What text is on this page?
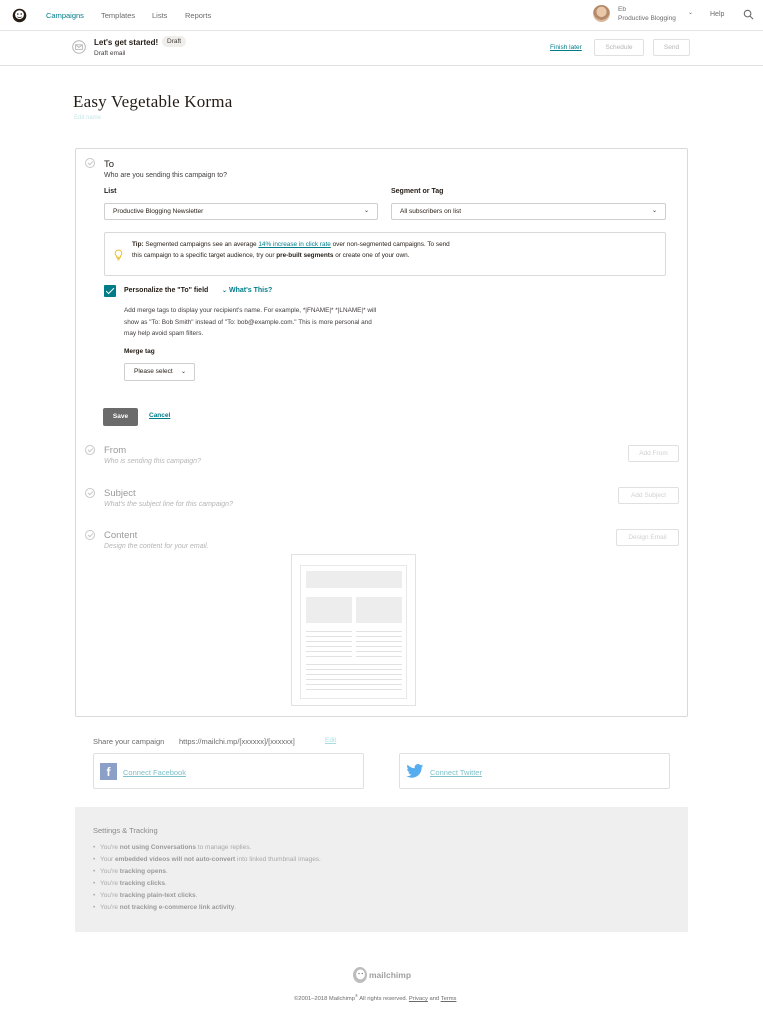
Campaigns Templates Lists Reports
Eb
Productive Blogging
⌄ Help
Let's get started!	Draft
Draft email
Finish later	Schedule	Send
Easy Vegetable Korma
Edit name
To
Who are you sending this campaign to?
List
Productive Blogging Newsletter	⌄
Segment or Tag
All subscribers on list	⌄
Tip: Segmented campaigns see an average 14% increase in click rate over non-segmented campaigns. To send this campaign to a specific target audience, try our pre-built segments or create one of your own.
Personalize the "To" field ⌄ What's This?
Add merge tags to display your recipient's name. For example, *|FNAME|* *|LNAME|* will show as "To: Bob Smith" instead of "To: bob@example.com." This is more personal and may help avoid spam filters.
Merge tag
Please select ⌄
Save	Cancel
From
Who is sending this campaign?
Add From
Subject
What's the subject line for this campaign?
Add Subject
Content
Design the content for your email.
Design Email
Share your campaign https://mailchi.mp/[xxxxxx]/[xxxxxx]	Edit
f	Connect Facebook	Connect Twitter
Settings & Tracking
• You're not using Conversations to manage replies.
• Your embedded videos will not auto-convert into linked thumbnail images.
• You're tracking opens.
• You're tracking clicks.
• You're tracking plain-text clicks.
• You're not tracking e-commerce link activity.
mailchimp
©2001–2018 Mailchimp® All rights reserved. Privacy and Terms
